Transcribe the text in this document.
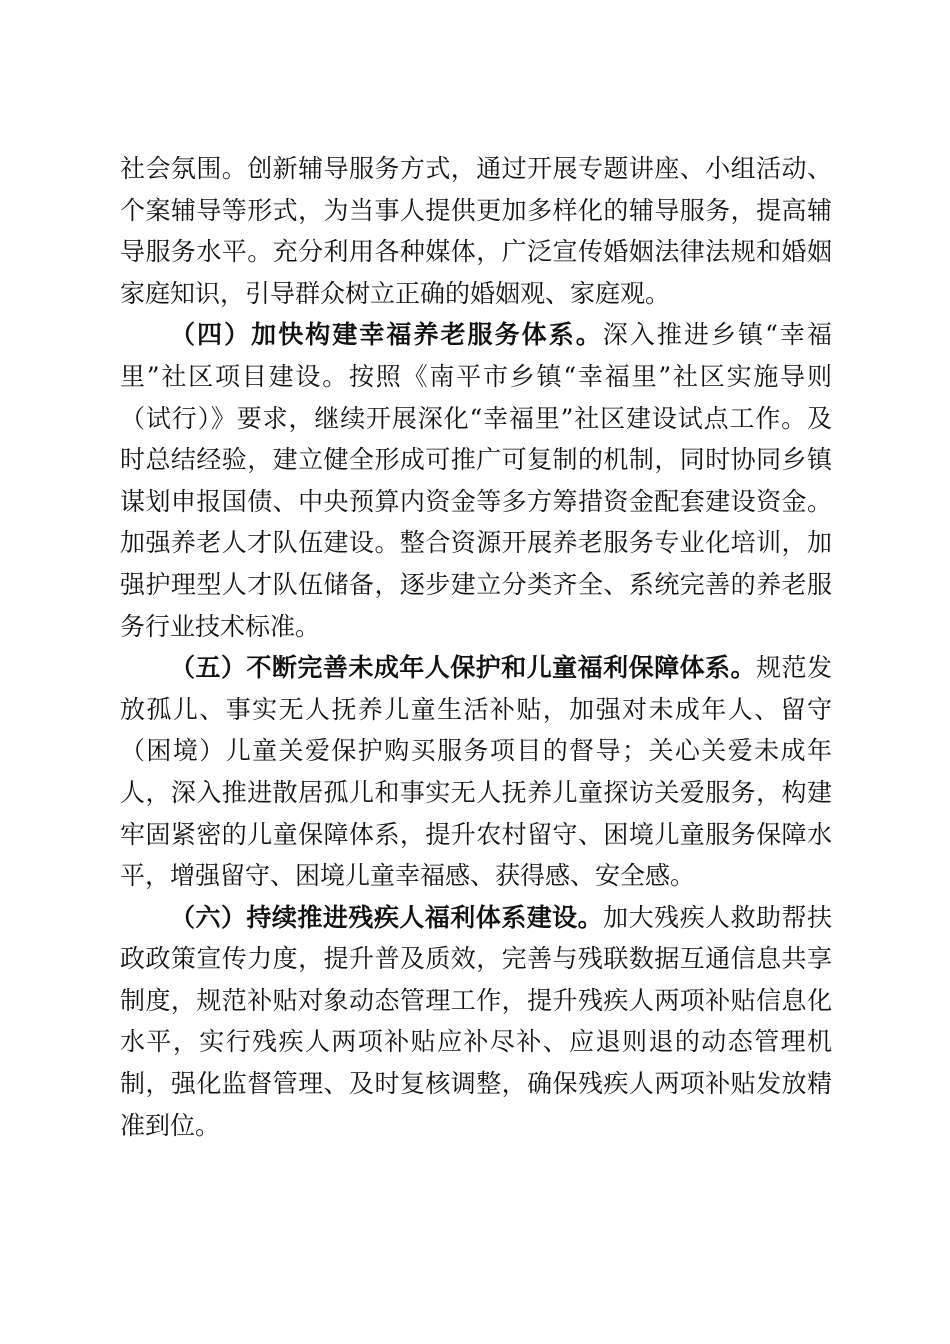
社会氛围。创新辅导服务方式，通过开展专题讲座、小组活动、个案辅导等形式，为当事人提供更加多样化的辅导服务，提高辅导服务水平。充分利用各种媒体，广泛宣传婚姻法律法规和婚姻家庭知识，引导群众树立正确的婚姻观、家庭观。

（四）加快构建幸福养老服务体系。深入推进乡镇“幸福里”社区项目建设。按照《南平市乡镇“幸福里”社区实施导则（试行）》要求，继续开展深化“幸福里”社区建设试点工作。及时总结经验，建立健全形成可推广可复制的机制，同时协同乡镇谋划申报国债、中央预算内资金等多方筹措资金配套建设资金。加强养老人才队伍建设。整合资源开展养老服务专业化培训，加强护理型人才队伍储备，逐步建立分类齐全、系统完善的养老服务行业技术标准。

（五）不断完善未成年人保护和儿童福利保障体系。规范发放孤儿、事实无人抚养儿童生活补贴，加强对未成年人、留守（困境）儿童关爱保护购买服务项目的督导；关心关爱未成年人，深入推进散居孤儿和事实无人抚养儿童探访关爱服务，构建牢固紧密的儿童保障体系，提升农村留守、困境儿童服务保障水平，增强留守、困境儿童幸福感、获得感、安全感。

（六）持续推进残疾人福利体系建设。加大残疾人救助帮扶政政策宣传力度，提升普及质效，完善与残联数据互通信息共享制度，规范补贴对象动态管理工作，提升残疾人两项补贴信息化水平，实行残疾人两项补贴应补尽补、应退则退的动态管理机制，强化监督管理、及时复核调整，确保残疾人两项补贴发放精准到位。
